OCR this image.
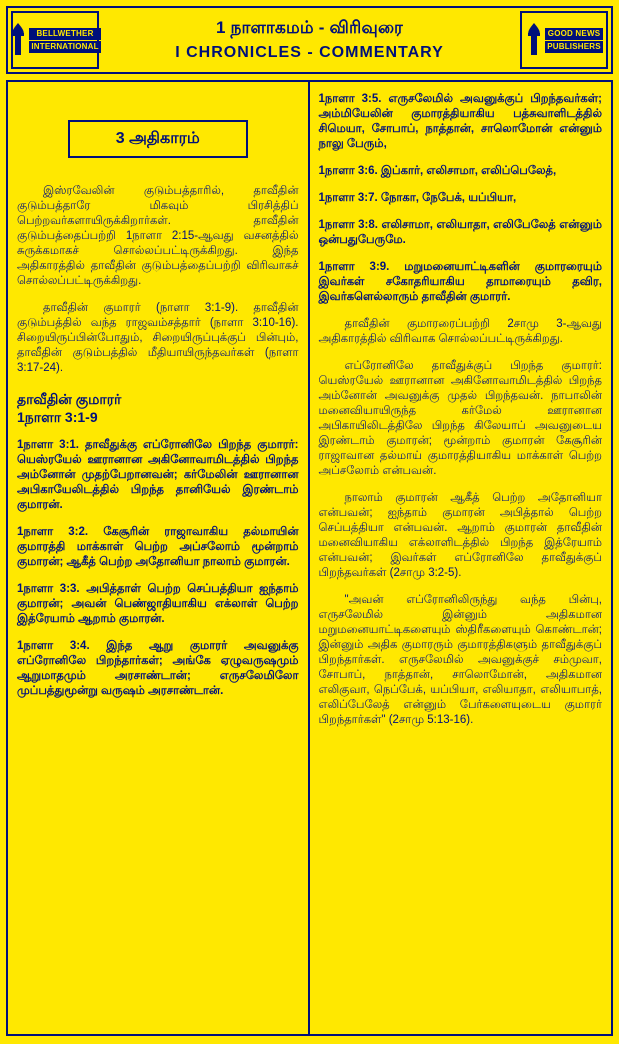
BELLWETHER
INTERNATIONAL
1 நாளாகமம் - விரிவுரை
I CHRONICLES - COMMENTARY
GOOD NEWS
PUBLISHERS
3 அதிகாரம்

இஸ்ரவேலின் குடும்பத்தாரில், தாவீதின் குடும்பத்தாரே மிகவும் பிரசித்திப் பெற்றவர்களாயிருக்கிறார்கள். தாவீதின் குடும்பத்தைப்பற்றி 1நாளா 2:15-ஆவது வசனத்தில் சுருக்கமாகச் சொல்லப்பட்டிருக்கிறது. இந்த அதிகாரத்தில் தாவீதின் குடும்பத்தைப்பற்றி விரிவாகச் சொல்லப்பட்டிருக்கிறது.

தாவீதின் குமாரர் (நாளா 3:1-9). தாவீதின் குடும்பத்தில் வந்த ராஜவம்சத்தார் (நாளா 3:10-16). சிறையிருப்பின்போதும், சிறையிருப்புக்குப் பின்பும், தாவீதின் குடும்பத்தில் மீதியாயிருந்தவர்கள் (நாளா 3:17-24).

தாவீதின் குமாரர்
1நாளா 3:1-9

1நாளா 3:1. தாவீதுக்கு எப்ரோனிலே பிறந்த குமாரர்: யெஸ்ரயேல் ஊரானான அகினோவாமிடத்தில் பிறந்த அம்னோன் முதற்பேறானவன்; கர்மேலின் ஊரானான அபிகாயேலிடத்தில் பிறந்த தானியேல் இரண்டாம் குமாரன்.

1நாளா 3:2. கேசூரின் ராஜாவாகிய தல்மாயின் குமாரத்தி மாக்காள் பெற்ற அப்சலோம் மூன்றாம் குமாரன்; ஆகீத் பெற்ற அதோனியா நாலாம் குமாரன்.

1நாளா 3:3. அபித்தாள் பெற்ற செப்பத்தியா ஐந்தாம் குமாரன்; அவன் பெண்ஜாதியாகிய எக்லாள் பெற்ற இத்ரேயாம் ஆறாம் குமாரன்.

1நாளா 3:4. இந்த ஆறு குமாரர் அவனுக்கு எப்ரோனிலே பிறந்தார்கள்; அங்கே ஏழுவருஷமும் ஆறுமாதமும் அரசாண்டான்; எருசலேமிலோ முப்பத்துமூன்று வருஷம் அரசாண்டான்.

1நாளா 3:5. எருசலேமில் அவனுக்குப் பிறந்தவர்கள்; அம்மியேலின் குமாரத்தியாகிய பத்சுவாளிடத்தில் சிமெயா, சோபாப், நாத்தான், சாலொமோன் என்னும் நாலு பேரும்,

1நாளா 3:6. இப்கார், எலிசாமா, எலிப்பெலேத்,

1நாளா 3:7. நோகா, நேபேக், யப்பியா,

1நாளா 3:8. எலிசாமா, எலியாதா, எலிபேலேத் என்னும் ஒன்பதுபேருமே.

1நாளா 3:9. மறுமனையாட்டிகளின் குமாரரையும் இவர்கள் சகோதரியாகிய தாமாரையும் தவிர, இவர்களெல்லாரும் தாவீதின் குமாரர்.

தாவீதின் குமாரரைப்பற்றி 2சாமு 3-ஆவது அதிகாரத்தில் விரிவாக சொல்லப்பட்டிருக்கிறது.

எப்ரோனிலே தாவீதுக்குப் பிறந்த குமாரர்: யெஸ்ரயேல் ஊரானான அகினோவாமிடத்தில் பிறந்த அம்னோன் அவனுக்கு முதல் பிறந்தவன். நாபாலின் மனைவியாயிருந்த கர்மேல் ஊரானான அபிகாயிலிடத்திலே பிறந்த கிலேயாப் அவனுடைய இரண்டாம் குமாரன்; மூன்றாம் குமாரன் கேசூரின் ராஜாவான தல்மாய் குமாரத்தியாகிய மாக்காள் பெற்ற அப்சலோம் என்பவன்.

நாலாம் குமாரன் ஆகீத் பெற்ற அதோனியா என்பவன்; ஐந்தாம் குமாரன் அபித்தால் பெற்ற செப்பத்தியா என்பவன். ஆறாம் குமாரன் தாவீதின் மனைவியாகிய எக்லாளிடத்தில் பிறந்த இத்ரேயாம் என்பவன்; இவர்கள் எப்ரோனிலே தாவீதுக்குப் பிறந்தவர்கள் (2சாமு 3:2-5).

"அவன் எப்ரோனிலிருந்து வந்த பின்பு, எருசலேமில் இன்னும் அதிகமான மறுமனையாட்டிகளையும் ஸ்திரீகளையும் கொண்டான்; இன்னும் அதிக குமாரரும் குமாரத்திகளும் தாவீதுக்குப் பிறந்தார்கள். எருசலேமில் அவனுக்குச் சம்முவா, சோபாப், நாத்தான், சாலொமோன், அதிகமான எலிகுவா, நெப்பேக், யப்பியா, எலியாதா, எலியாபாத், எலிப்பேலேத் என்னும் பேர்களையுடைய குமாரர் பிறந்தார்கள்" (2சாமு 5:13-16).
